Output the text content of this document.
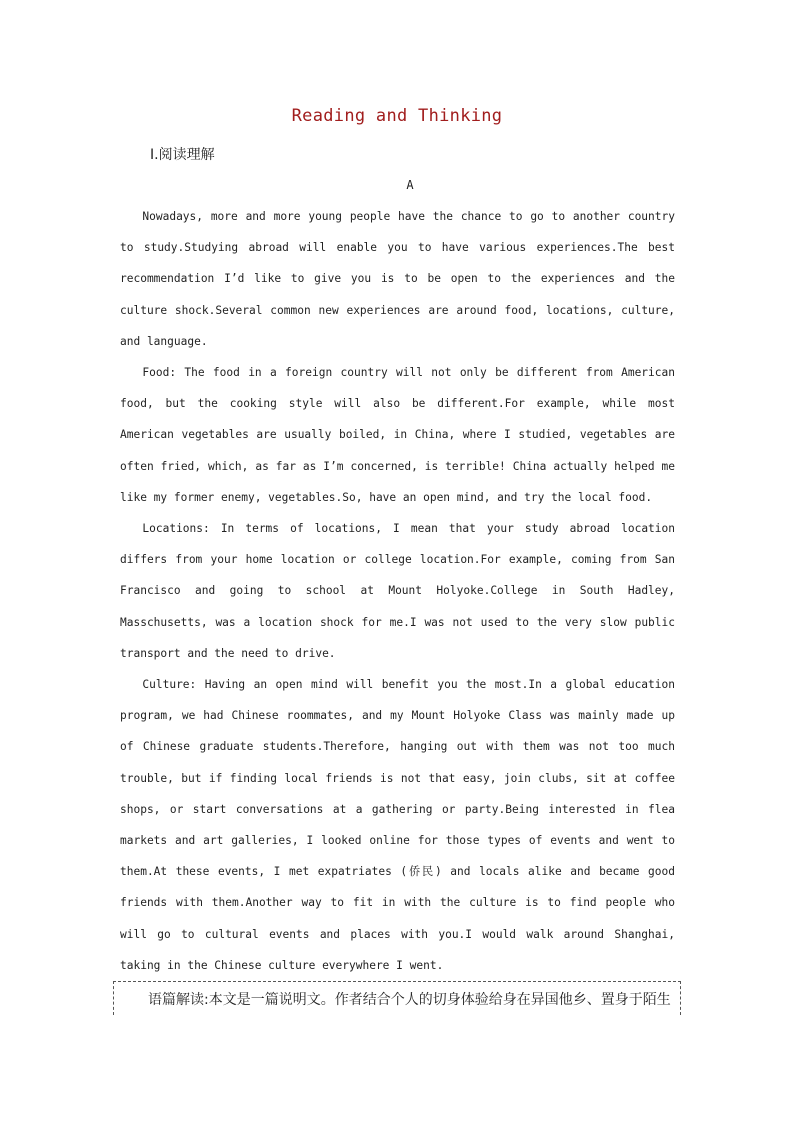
Reading and Thinking
Ⅰ.阅读理解
A

Nowadays, more and more young people have the chance to go to another country to study.Studying abroad will enable you to have various experiences.The best recommendation I’d like to give you is to be open to the experiences and the culture shock.Several common new experiences are around food, locations, culture, and language.

Food: The food in a foreign country will not only be different from American food, but the cooking style will also be different.For example, while most American vegetables are usually boiled, in China, where I studied, vegetables are often fried, which, as far as I’m concerned, is terrible! China actually helped me like my former enemy, vegetables.So, have an open mind, and try the local food.

Locations: In terms of locations, I mean that your study abroad location differs from your home location or college location.For example, coming from San Francisco and going to school at Mount Holyoke.College in South Hadley, Masschusetts, was a location shock for me.I was not used to the very slow public transport and the need to drive.

Culture: Having an open mind will benefit you the most.In a global education program, we had Chinese roommates, and my Mount Holyoke Class was mainly made up of Chinese graduate students.Therefore, hanging out with them was not too much trouble, but if finding local friends is not that easy, join clubs, sit at coffee shops, or start conversations at a gathering or party.Being interested in flea markets and art galleries, I looked online for those types of events and went to them.At these events, I met expatriates (侨民) and locals alike and became good friends with them.Another way to fit in with the culture is to find people who will go to cultural events and places with you.I would walk around Shanghai, taking in the Chinese culture everywhere I went.

语篇解读:本文是一篇说明文。作者结合个人的切身体验给身在异国他乡、置身于陌生
